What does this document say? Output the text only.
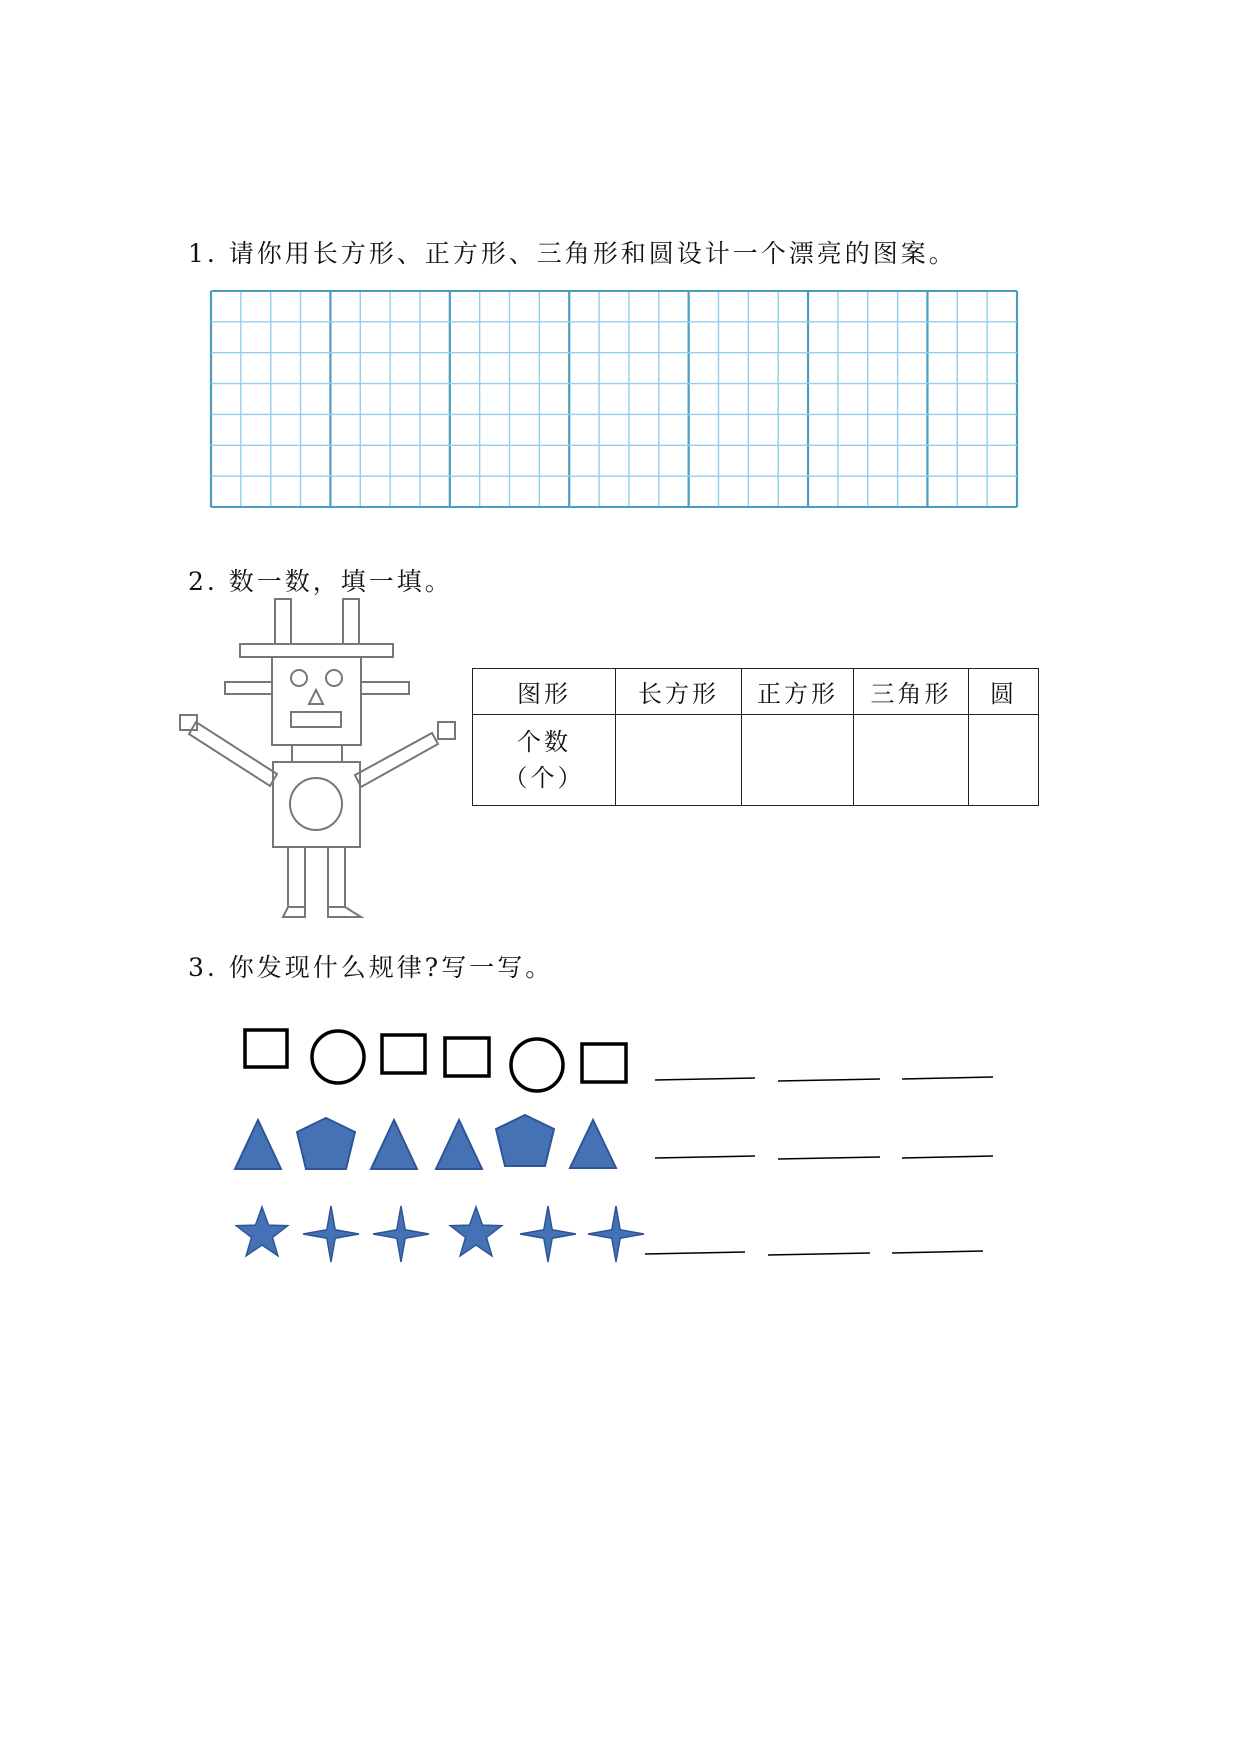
1. 请你用长方形、正方形、三角形和圆设计一个漂亮的图案。
2. 数一数，填一填。
图形	长方形	正方形	三角形	圆

个数
（个）				

3. 你发现什么规律?写一写。
